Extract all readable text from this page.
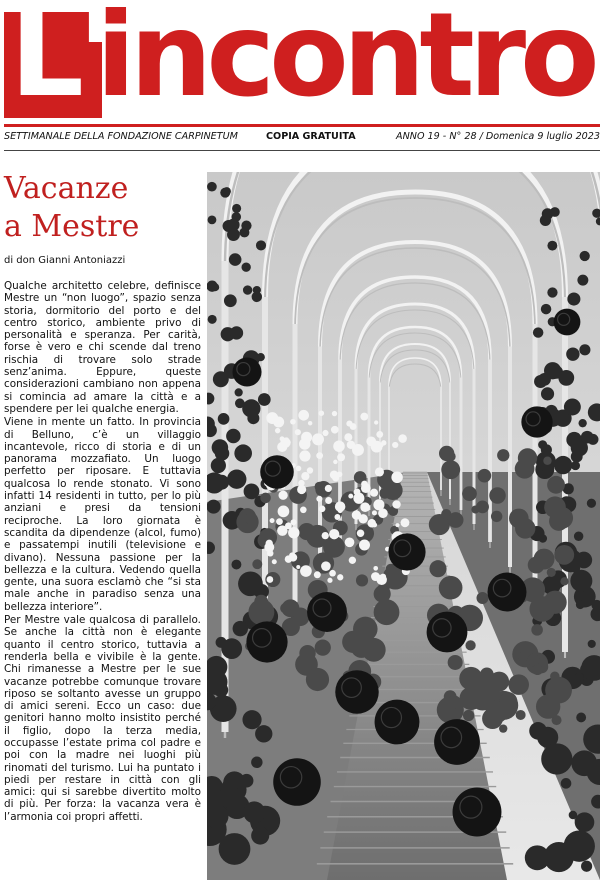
L'incontro
SETTIMANALE DELLA FONDAZIONE CARPINETUM	COPIA GRATUITA	ANNO 19 - N° 28 / Domenica 9 luglio 2023
Vacanze
a Mestre
di don Gianni Antoniazzi

Qualche architetto celebre, definisce Mestre un “non luogo”, spazio senza storia, dormitorio del porto e del centro storico, ambiente privo di personalità e speranza. Per carità, forse è vero e chi scende dal treno rischia di trovare solo strade senz’anima. Eppure, queste considerazioni cambiano non appena si comincia ad amare la città e a spendere per lei qualche energia.

Viene in mente un fatto. In provincia di Belluno, c’è un villaggio incantevole, ricco di storia e di un panorama mozzafiato. Un luogo perfetto per riposare. E tuttavia qualcosa lo rende stonato. Vi sono infatti 14 residenti in tutto, per lo più anziani e presi da tensioni reciproche. La loro giornata è scandita da dipendenze (alcol, fumo) e passatempi inutili (televisione e divano). Nessuna passione per la bellezza e la cultura. Vedendo quella gente, una suora esclamò che “si sta male anche in paradiso senza una bellezza interiore”.

Per Mestre vale qualcosa di parallelo. Se anche la città non è elegante quanto il centro storico, tuttavia a renderla bella e vivibile è la gente. Chi rimanesse a Mestre per le sue vacanze potrebbe comunque trovare riposo se soltanto avesse un gruppo di amici sereni. Ecco un caso: due genitori hanno molto insistito perché il figlio, dopo la terza media, occupasse l’estate prima col padre e poi con la madre nei luoghi più rinomati del turismo. Lui ha puntato i piedi per restare in città con gli amici: qui si sarebbe divertito molto di più. Per forza: la vacanza vera è l’armonia coi propri affetti.
